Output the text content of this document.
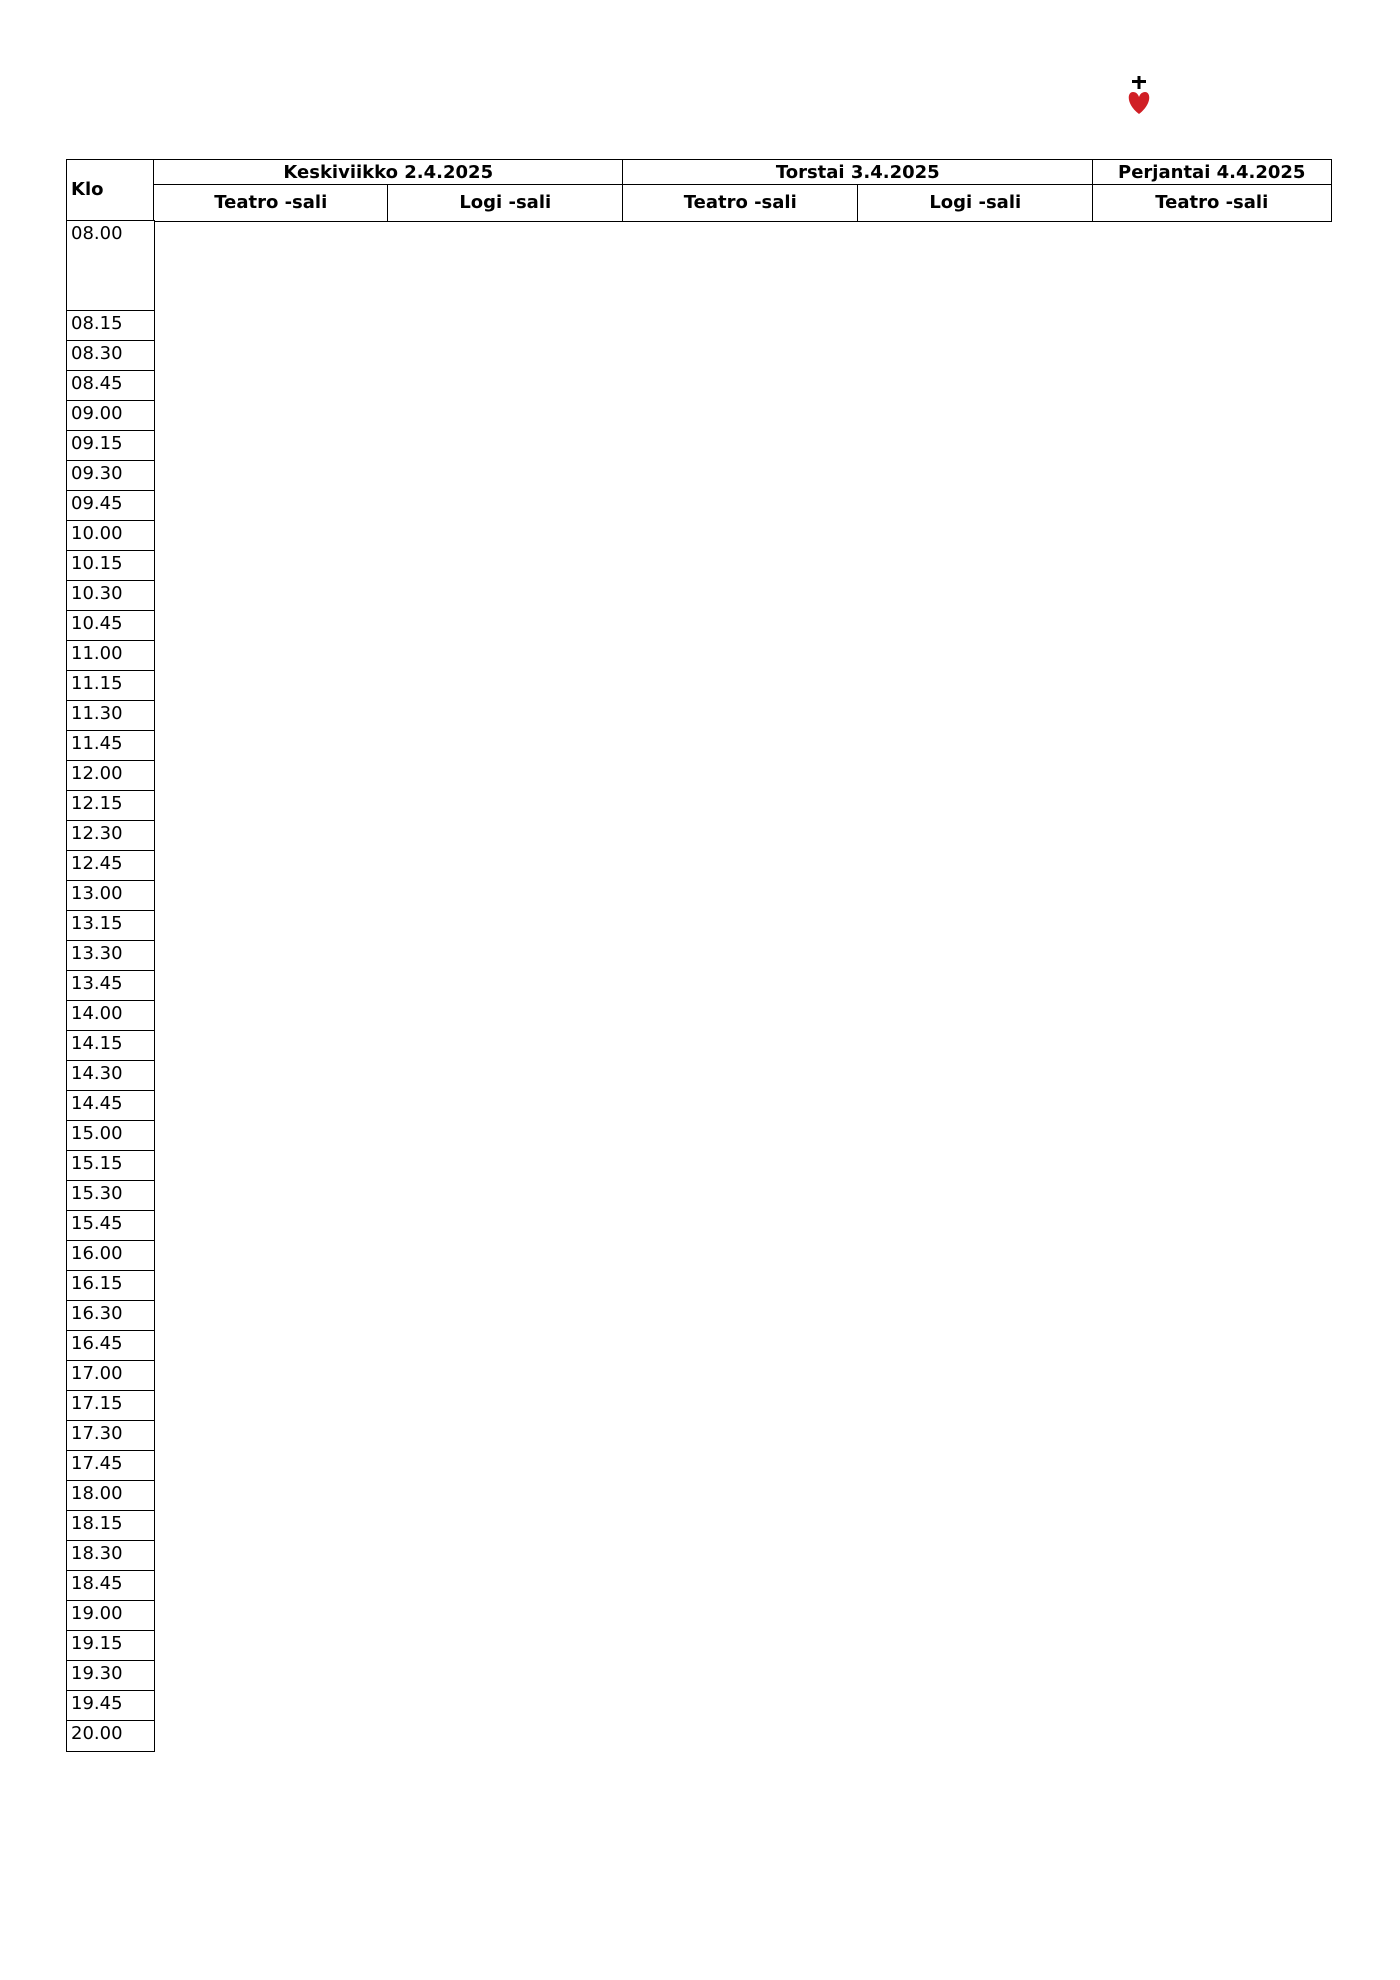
Klo
Keskiviikko 2.4.2025	Torstai 3.4.2025	Perjantai 4.4.2025
Teatro -sali	Logi -sali	Teatro -sali	Logi -sali	Teatro -sali
08.00
08.15
08.30
08.45
09.00
09.15
09.30
09.45
10.00
10.15
10.30
10.45
11.00
11.15
11.30
11.45
12.00
12.15
12.30
12.45
13.00
13.15
13.30
13.45
14.00
14.15
14.30
14.45
15.00
15.15
15.30
15.45
16.00
16.15
16.30
16.45
17.00
17.15
17.30
17.45
18.00
18.15
18.30
18.45
19.00
19.15
19.30
19.45
20.00
